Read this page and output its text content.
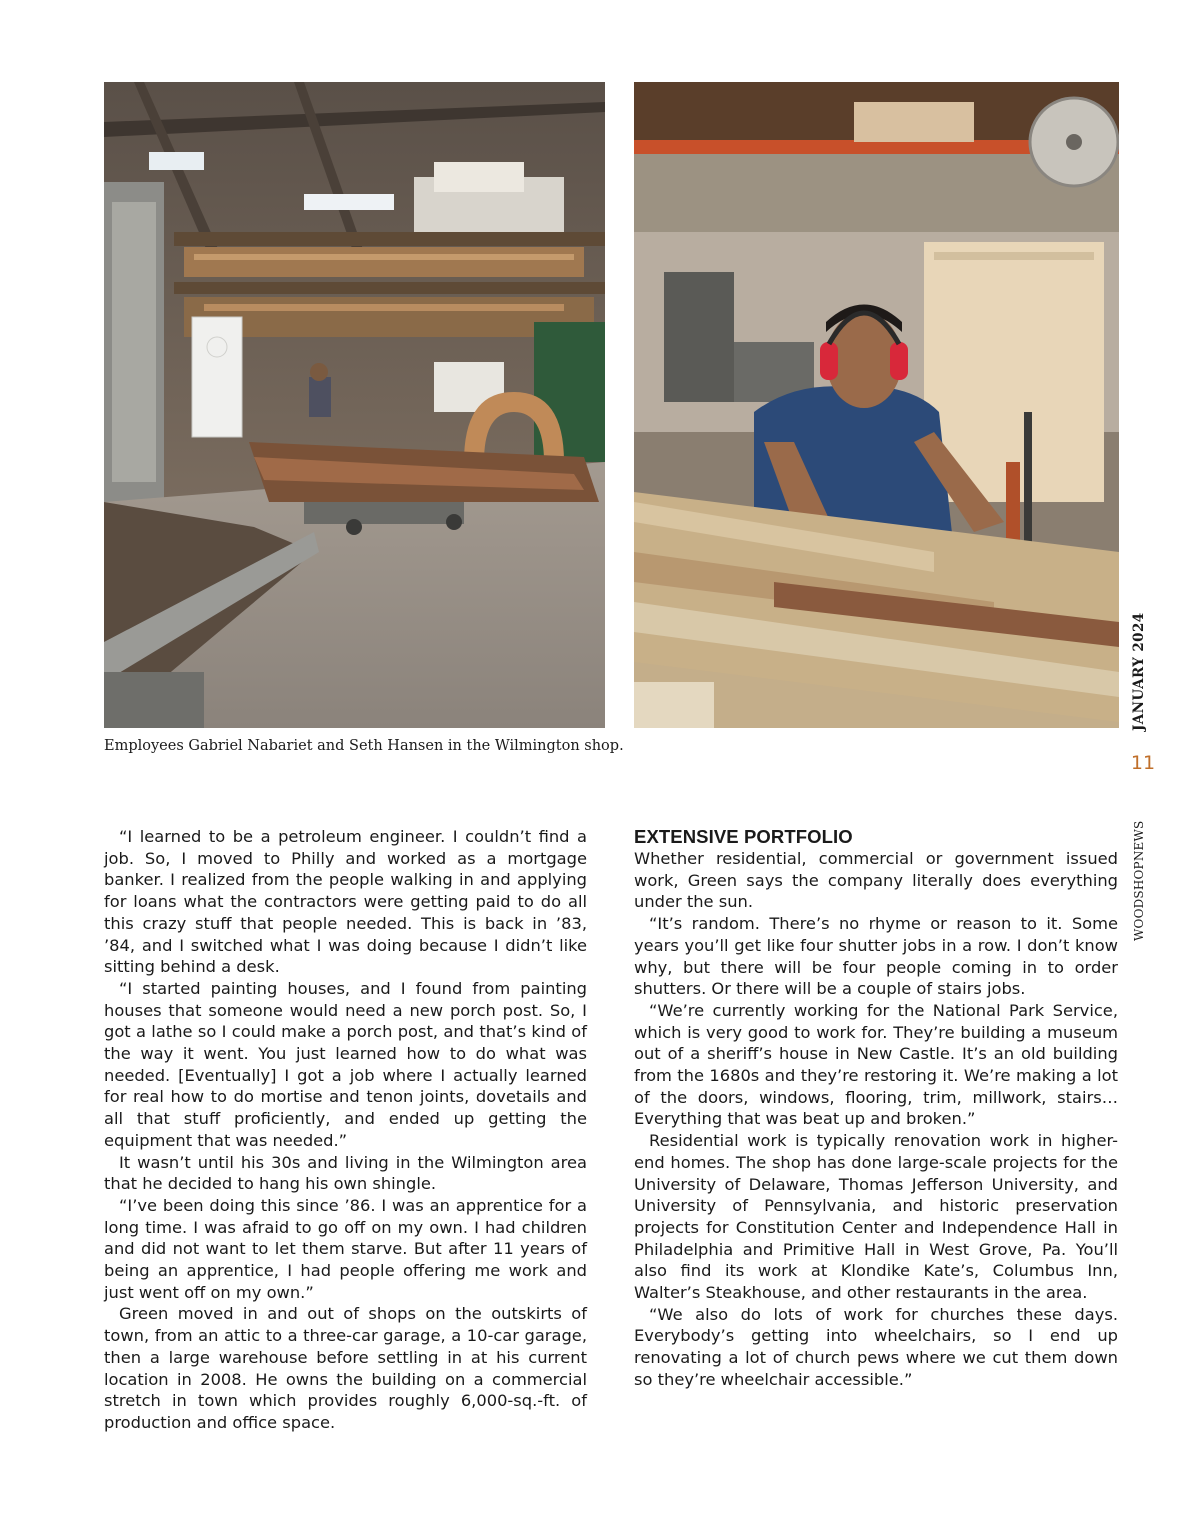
Employees Gabriel Nabariet and Seth Hansen in the Wilmington shop.

JANUARY 2024
11
WOODSHOPNEWS

“I learned to be a petroleum engineer. I couldn’t find a job. So, I moved to Philly and worked as a mortgage banker. I realized from the people walking in and applying for loans what the contractors were getting paid to do all this crazy stuff that people needed. This is back in ’83, ’84, and I switched what I was doing because I didn’t like sitting behind a desk.

“I started painting houses, and I found from painting houses that someone would need a new porch post. So, I got a lathe so I could make a porch post, and that’s kind of the way it went. You just learned how to do what was needed. [Eventually] I got a job where I actually learned for real how to do mortise and tenon joints, dovetails and all that stuff proficiently, and ended up getting the equipment that was needed.”

It wasn’t until his 30s and living in the Wilmington area that he decided to hang his own shingle.

“I’ve been doing this since ’86. I was an apprentice for a long time. I was afraid to go off on my own. I had children and did not want to let them starve. But after 11 years of being an apprentice, I had people offering me work and just went off on my own.”

Green moved in and out of shops on the outskirts of town, from an attic to a three-car garage, a 10-car garage, then a large warehouse before settling in at his current location in 2008. He owns the building on a commercial stretch in town which provides roughly 6,000-sq.-ft. of production and office space.

EXTENSIVE PORTFOLIO

Whether residential, commercial or government issued work, Green says the company literally does everything under the sun.

“It’s random. There’s no rhyme or reason to it. Some years you’ll get like four shutter jobs in a row. I don’t know why, but there will be four people coming in to order shutters. Or there will be a couple of stairs jobs.

“We’re currently working for the National Park Service, which is very good to work for. They’re building a museum out of a sheriff’s house in New Castle. It’s an old building from the 1680s and they’re restoring it. We’re making a lot of the doors, windows, flooring, trim, millwork, stairs…Everything that was beat up and broken.”

Residential work is typically renovation work in higher-end homes. The shop has done large-scale projects for the University of Delaware, Thomas Jefferson University, and University of Pennsylvania, and historic preservation projects for Constitution Center and Independence Hall in Philadelphia and Primitive Hall in West Grove, Pa. You’ll also find its work at Klondike Kate’s, Columbus Inn, Walter’s Steakhouse, and other restaurants in the area.

“We also do lots of work for churches these days. Everybody’s getting into wheelchairs, so I end up renovating a lot of church pews where we cut them down so they’re wheelchair accessible.”
